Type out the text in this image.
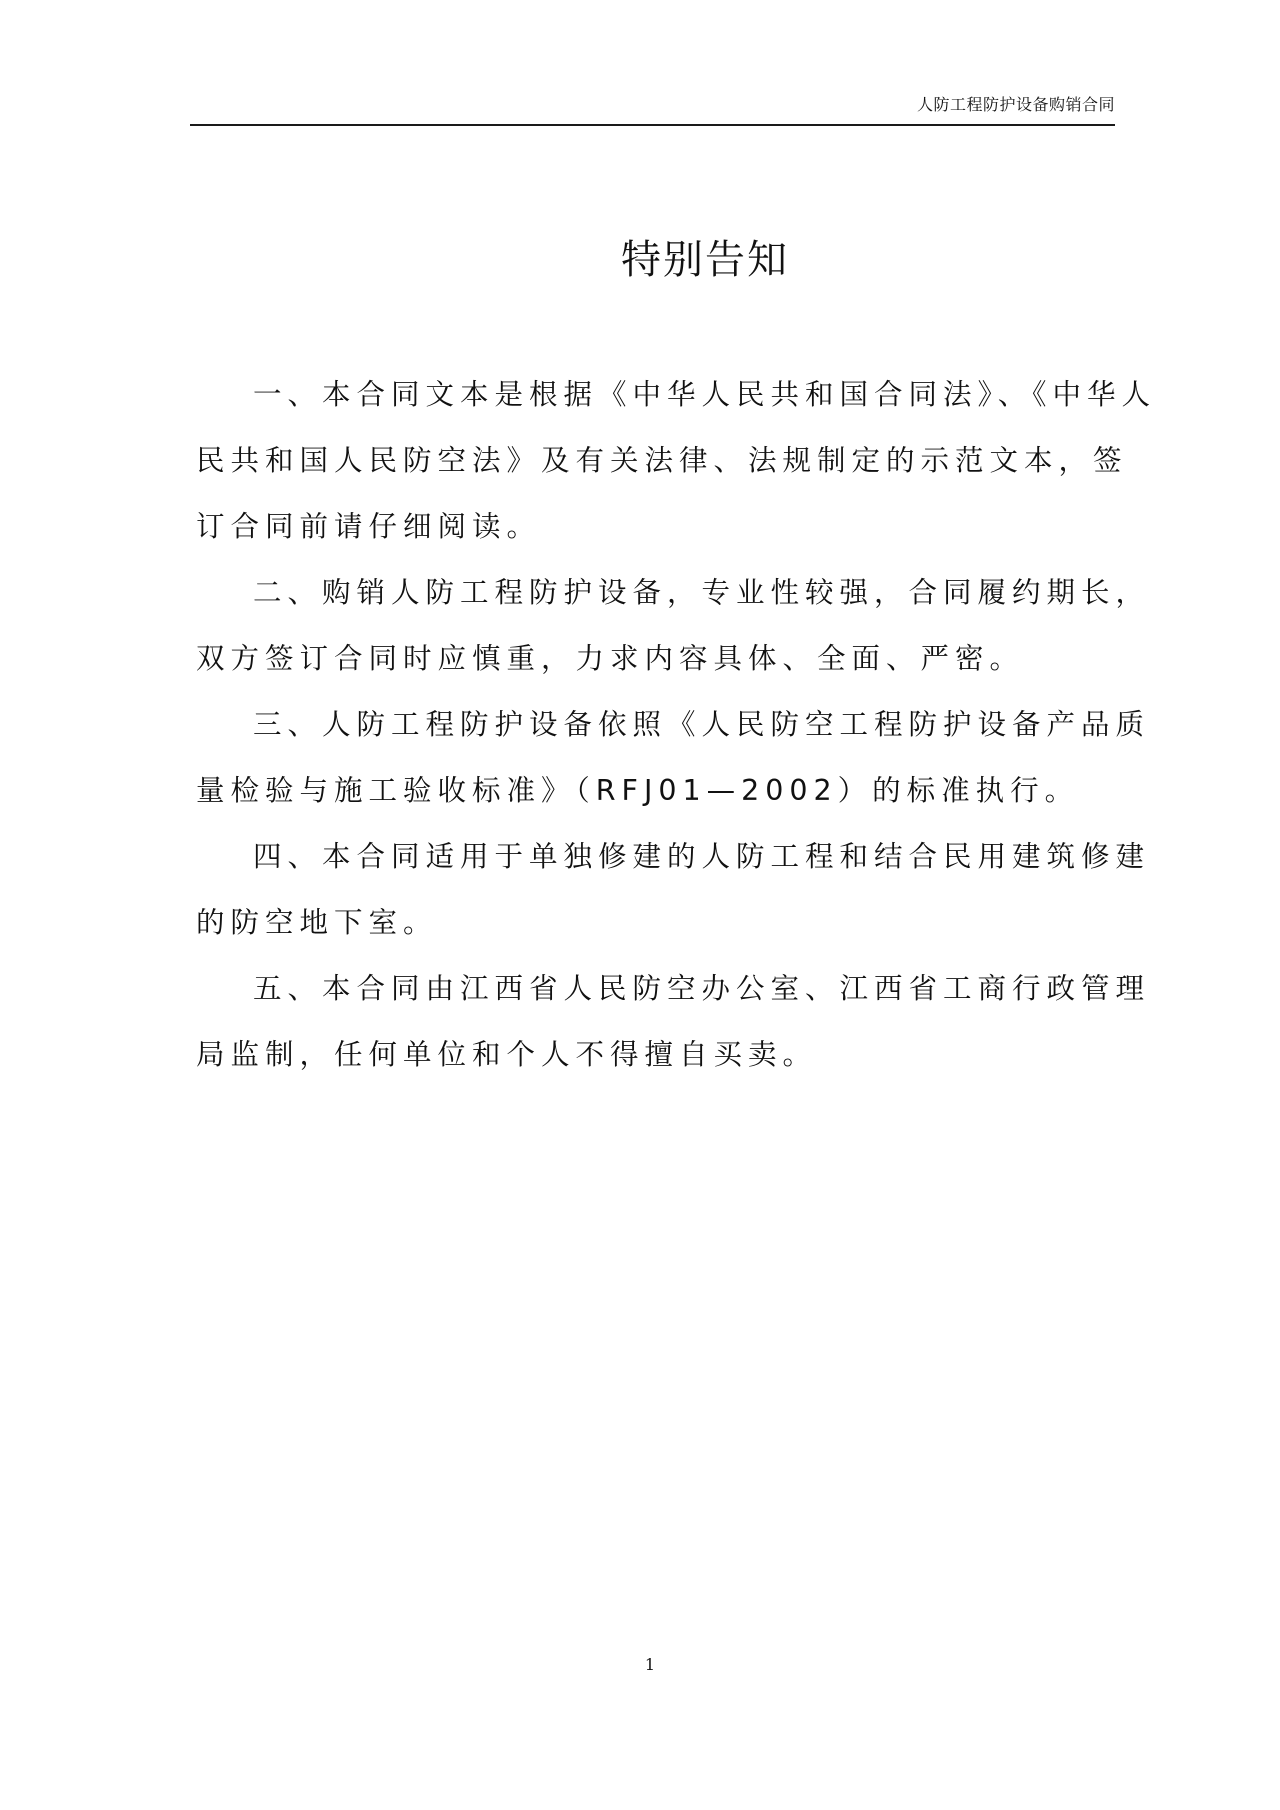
人防工程防护设备购销合同
特别告知

一、本合同文本是根据《中华人民共和国合同法》、《中华人民共和国人民防空法》及有关法律、法规制定的示范文本，签订合同前请仔细阅读。

二、购销人防工程防护设备，专业性较强，合同履约期长，双方签订合同时应慎重，力求内容具体、全面、严密。

三、人防工程防护设备依照《人民防空工程防护设备产品质量检验与施工验收标准》（RFJ01—2002）的标准执行。

四、本合同适用于单独修建的人防工程和结合民用建筑修建的防空地下室。

五、本合同由江西省人民防空办公室、江西省工商行政管理局监制，任何单位和个人不得擅自买卖。

1
